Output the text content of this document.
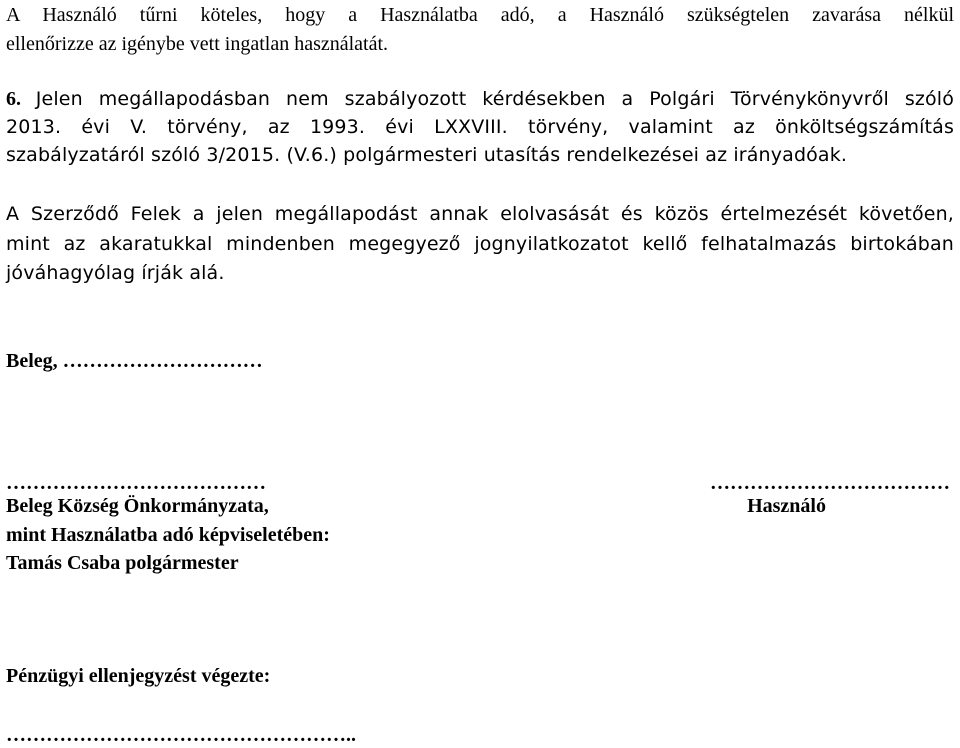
A Használó tűrni köteles, hogy a Használatba adó, a Használó szükségtelen zavarása nélkül
ellenőrizze az igénybe vett ingatlan használatát.
6. Jelen megállapodásban nem szabályozott kérdésekben a Polgári Törvénykönyvről szóló
2013. évi V. törvény, az 1993. évi LXXVIII. törvény, valamint az önköltségszámítás
szabályzatáról szóló 3/2015. (V.6.) polgármesteri utasítás rendelkezései az irányadóak.
A Szerződő Felek a jelen megállapodást annak elolvasását és közös értelmezését követően,
mint az akaratukkal mindenben megegyező jognyilatkozatot kellő felhatalmazás birtokában
jóváhagyólag írják alá.
Beleg, …………………………
…………………………………	………………………………
Beleg Község Önkormányzata,	Használó
mint Használatba adó képviseletében:
Tamás Csaba polgármester
Pénzügyi ellenjegyzést végezte:
……………………………………………..
